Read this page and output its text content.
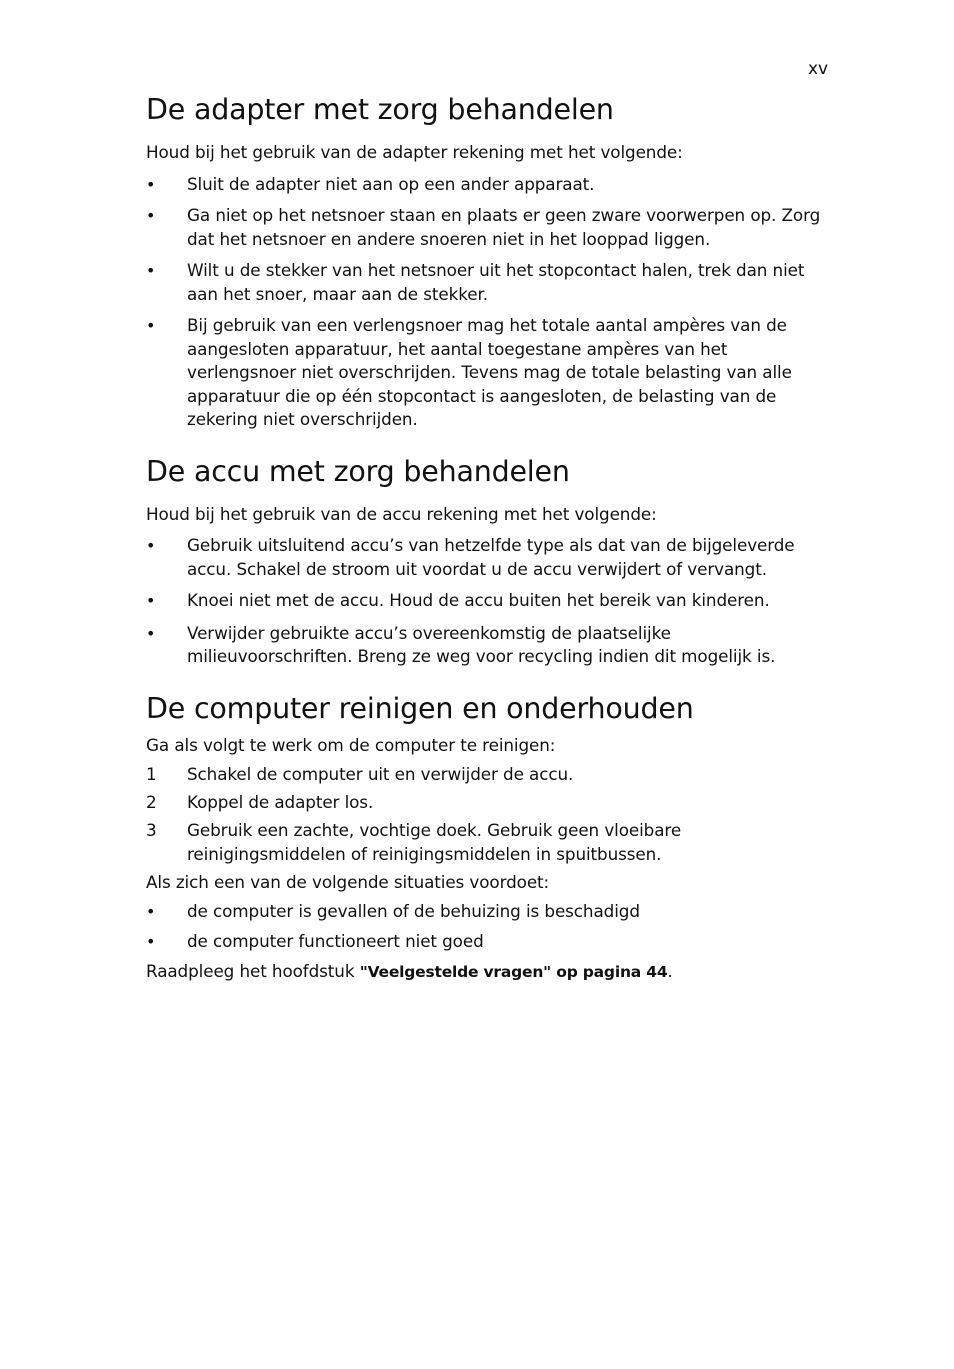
xv
De adapter met zorg behandelen

Houd bij het gebruik van de adapter rekening met het volgende:

• Sluit de adapter niet aan op een ander apparaat.
• Ga niet op het netsnoer staan en plaats er geen zware voorwerpen op. Zorg dat het netsnoer en andere snoeren niet in het looppad liggen.
• Wilt u de stekker van het netsnoer uit het stopcontact halen, trek dan niet aan het snoer, maar aan de stekker.
• Bij gebruik van een verlengsnoer mag het totale aantal ampères van de aangesloten apparatuur, het aantal toegestane ampères van het verlengsnoer niet overschrijden. Tevens mag de totale belasting van alle apparatuur die op één stopcontact is aangesloten, de belasting van de zekering niet overschrijden.
De accu met zorg behandelen

Houd bij het gebruik van de accu rekening met het volgende:

• Gebruik uitsluitend accu’s van hetzelfde type als dat van de bijgeleverde accu. Schakel de stroom uit voordat u de accu verwijdert of vervangt.
• Knoei niet met de accu. Houd de accu buiten het bereik van kinderen.
• Verwijder gebruikte accu’s overeenkomstig de plaatselijke milieuvoorschriften. Breng ze weg voor recycling indien dit mogelijk is.
De computer reinigen en onderhouden

Ga als volgt te werk om de computer te reinigen:

1 Schakel de computer uit en verwijder de accu.
2 Koppel de adapter los.
3 Gebruik een zachte, vochtige doek. Gebruik geen vloeibare reinigingsmiddelen of reinigingsmiddelen in spuitbussen.

Als zich een van de volgende situaties voordoet:

• de computer is gevallen of de behuizing is beschadigd
• de computer functioneert niet goed

Raadpleeg het hoofdstuk "Veelgestelde vragen" op pagina 44.
